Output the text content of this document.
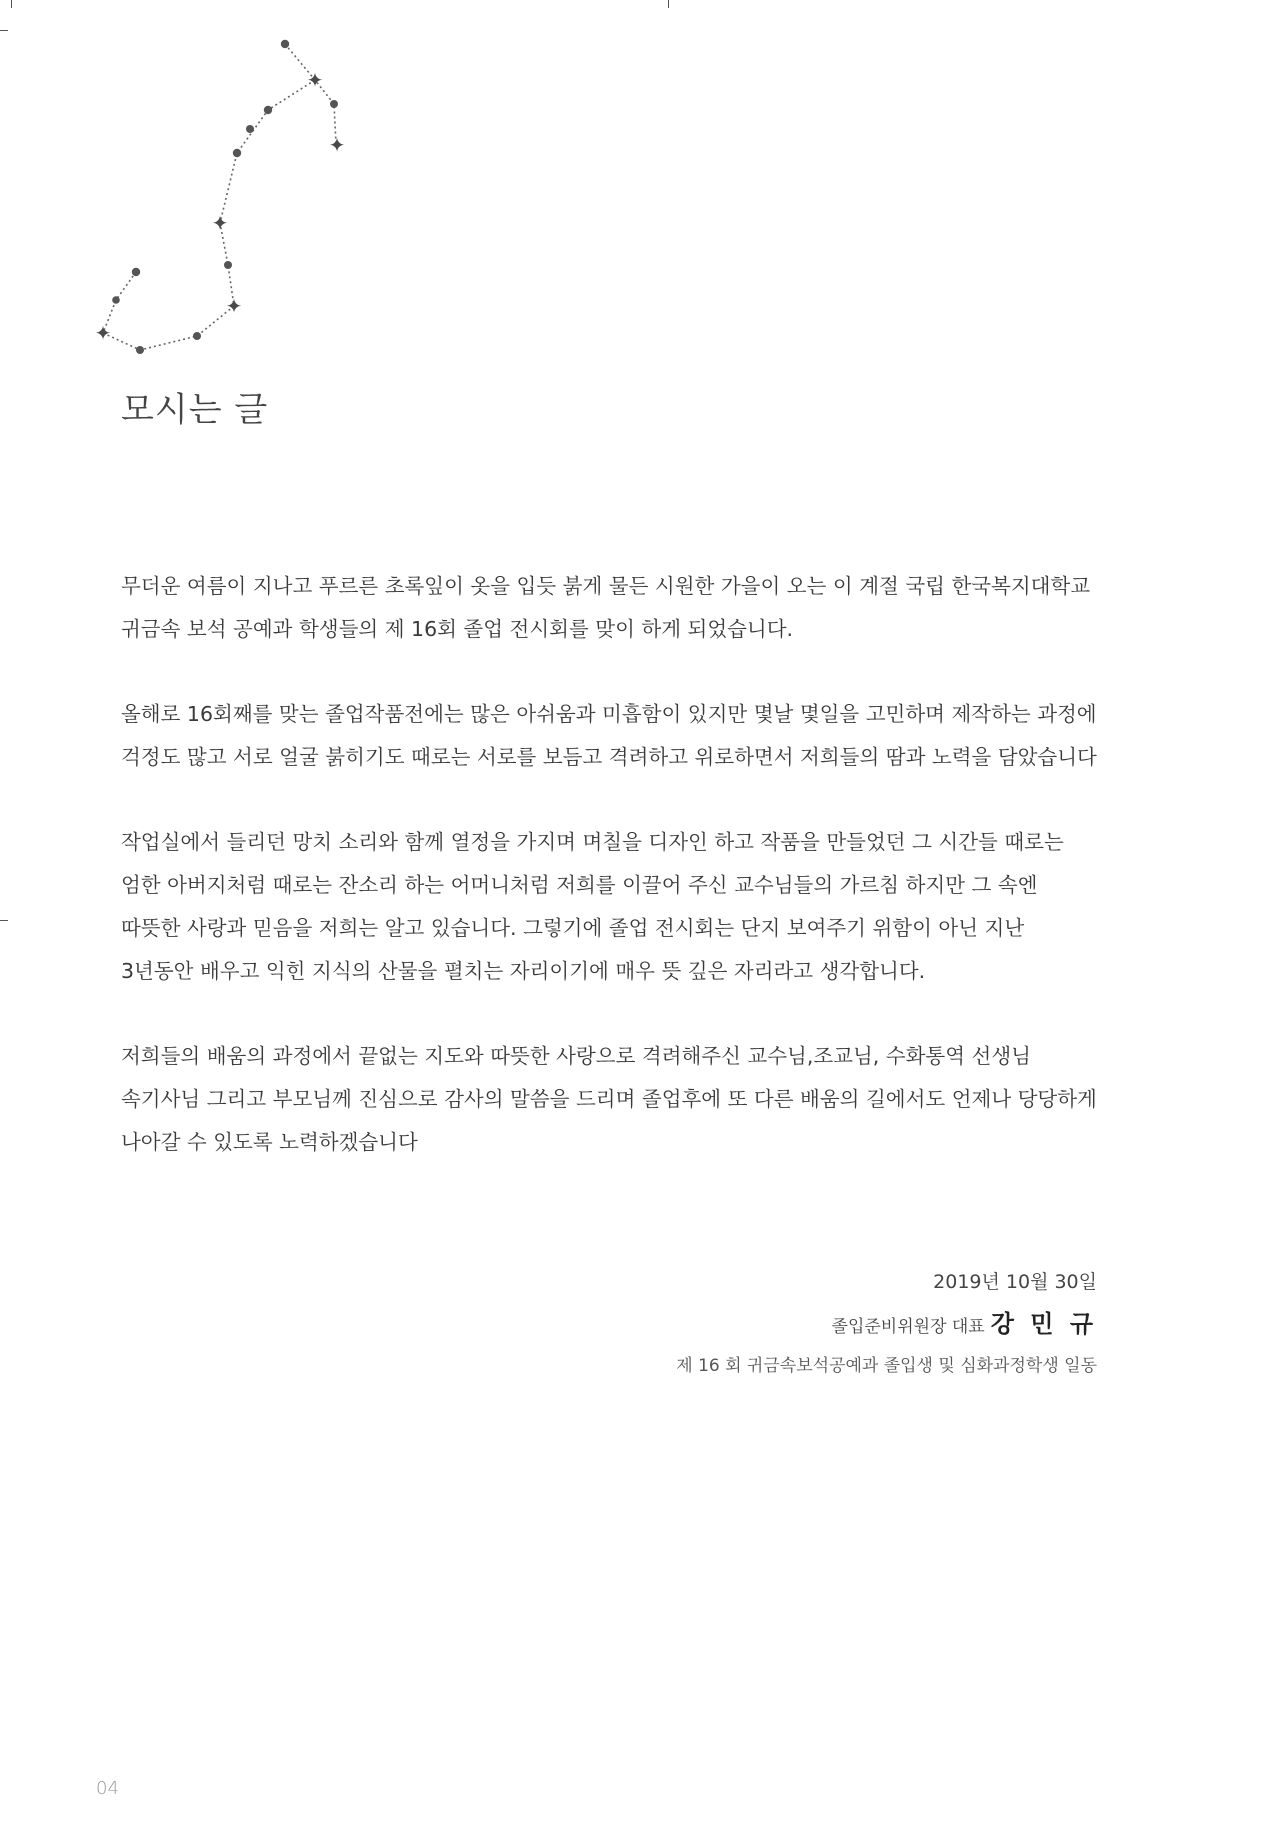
✦
✦
✦
✦
✦
모시는 글

무더운 여름이 지나고 푸르른 초록잎이 옷을 입듯 붉게 물든 시원한 가을이 오는 이 계절 국립 한국복지대학교 귀금속 보석 공예과 학생들의 제 16회 졸업 전시회를 맞이 하게 되었습니다.

올해로 16회째를 맞는 졸업작품전에는 많은 아쉬움과 미흡함이 있지만 몇날 몇일을 고민하며 제작하는 과정에 걱정도 많고 서로 얼굴 붉히기도 때로는 서로를 보듬고 격려하고 위로하면서 저희들의 땀과 노력을 담았습니다

작업실에서 들리던 망치 소리와 함께 열정을 가지며 며칠을 디자인 하고 작품을 만들었던 그 시간들 때로는 엄한 아버지처럼 때로는 잔소리 하는 어머니처럼 저희를 이끌어 주신 교수님들의 가르침 하지만 그 속엔 따뜻한 사랑과 믿음을 저희는 알고 있습니다. 그렇기에 졸업 전시회는 단지 보여주기 위함이 아닌 지난 3년동안 배우고 익힌 지식의 산물을 펼치는 자리이기에 매우 뜻 깊은 자리라고 생각합니다.

저희들의 배움의 과정에서 끝없는 지도와 따뜻한 사랑으로 격려해주신 교수님,조교님, 수화통역 선생님 속기사님 그리고 부모님께 진심으로 감사의 말씀을 드리며 졸업후에 또 다른 배움의 길에서도 언제나 당당하게 나아갈 수 있도록 노력하겠습니다

2019년 10월 30일
졸입준비위원장 대표 강 민 규
제 16 회 귀금속보석공예과 졸입생 및 심화과정학생 일동
04
